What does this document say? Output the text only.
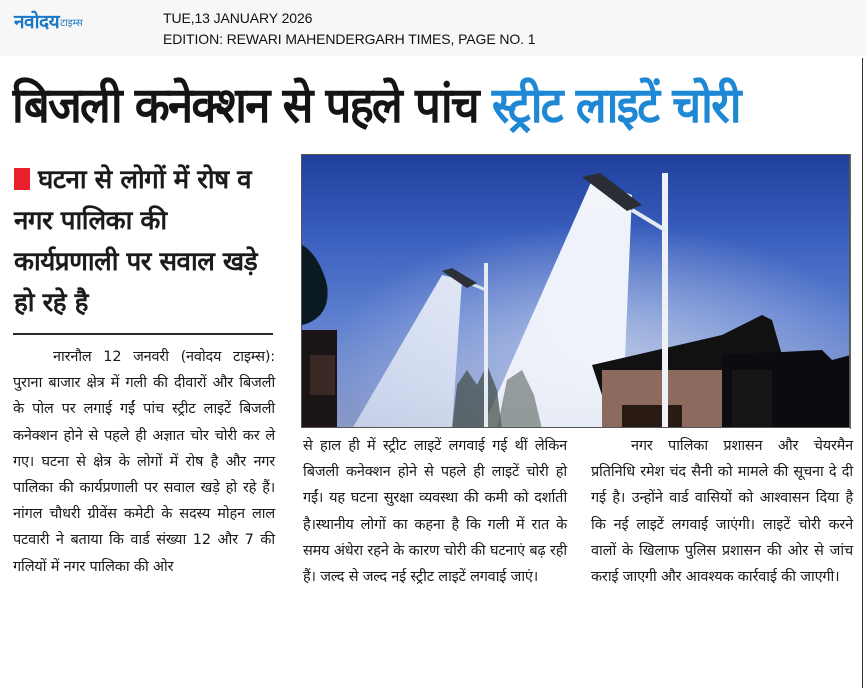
नवोदय टाइम्स	TUE,13 JANUARY 2026
EDITION: REWARI MAHENDERGARH TIMES, PAGE NO. 1
बिजली कनेक्शन से पहले पांच स्ट्रीट लाइटें चोरी
घटना से लोगों में रोष व नगर पालिका की कार्यप्रणाली पर सवाल खड़े हो रहे है
नारनौल 12 जनवरी (नवोदय टाइम्स): पुराना बाजार क्षेत्र में गली की दीवारों और बिजली के पोल पर लगाई गईं पांच स्ट्रीट लाइटें बिजली कनेक्शन होने से पहले ही अज्ञात चोर चोरी कर ले गए। घटना से क्षेत्र के लोगों में रोष है और नगर पालिका की कार्यप्रणाली पर सवाल खड़े हो रहे हैं। नांगल चौधरी ग्रीवेंस कमेटी के सदस्य मोहन लाल पटवारी ने बताया कि वार्ड संख्या 12 और 7 की गलियों में नगर पालिका की ओर
से हाल ही में स्ट्रीट लाइटें लगवाई गई थीं लेकिन बिजली कनेक्शन होने से पहले ही लाइटें चोरी हो गईं। यह घटना सुरक्षा व्यवस्था की कमी को दर्शाती है।स्थानीय लोगों का कहना है कि गली में रात के समय अंधेरा रहने के कारण चोरी की घटनाएं बढ़ रही हैं। जल्द से जल्द नई स्ट्रीट लाइटें लगवाई जाएं।
नगर पालिका प्रशासन और चेयरमैन प्रतिनिधि रमेश चंद सैनी को मामले की सूचना दे दी गई है। उन्होंने वार्ड वासियों को आश्वासन दिया है कि नई लाइटें लगवाई जाएंगी। लाइटें चोरी करने वालों के खिलाफ पुलिस प्रशासन की ओर से जांच कराई जाएगी और आवश्यक कार्रवाई की जाएगी।
